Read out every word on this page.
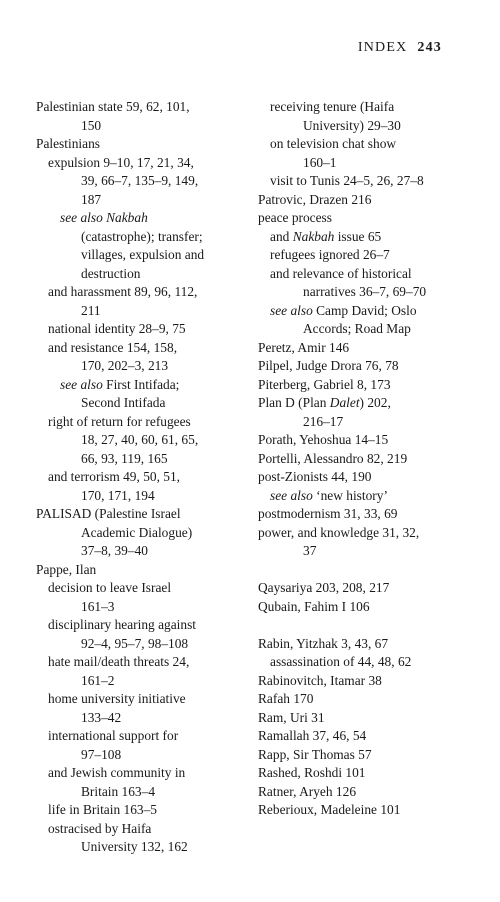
INDEX 243
Palestinian state 59, 62, 101,
150
Palestinians
expulsion 9–10, 17, 21, 34,
39, 66–7, 135–9, 149,
187
see also Nakbah
(catastrophe); transfer;
villages, expulsion and
destruction
and harassment 89, 96, 112,
211
national identity 28–9, 75
and resistance 154, 158,
170, 202–3, 213
see also First Intifada;
Second Intifada
right of return for refugees
18, 27, 40, 60, 61, 65,
66, 93, 119, 165
and terrorism 49, 50, 51,
170, 171, 194
PALISAD (Palestine Israel
Academic Dialogue)
37–8, 39–40
Pappe, Ilan
decision to leave Israel
161–3
disciplinary hearing against
92–4, 95–7, 98–108
hate mail/death threats 24,
161–2
home university initiative
133–42
international support for
97–108
and Jewish community in
Britain 163–4
life in Britain 163–5
ostracised by Haifa
University 132, 162
receiving tenure (Haifa
University) 29–30
on television chat show
160–1
visit to Tunis 24–5, 26, 27–8
Patrovic, Drazen 216
peace process
and Nakbah issue 65
refugees ignored 26–7
and relevance of historical
narratives 36–7, 69–70
see also Camp David; Oslo
Accords; Road Map
Peretz, Amir 146
Pilpel, Judge Drora 76, 78
Piterberg, Gabriel 8, 173
Plan D (Plan Dalet) 202,
216–17
Porath, Yehoshua 14–15
Portelli, Alessandro 82, 219
post-Zionists 44, 190
see also ‘new history’
postmodernism 31, 33, 69
power, and knowledge 31, 32,
37
Qaysariya 203, 208, 217
Qubain, Fahim I 106
Rabin, Yitzhak 3, 43, 67
assassination of 44, 48, 62
Rabinovitch, Itamar 38
Rafah 170
Ram, Uri 31
Ramallah 37, 46, 54
Rapp, Sir Thomas 57
Rashed, Roshdi 101
Ratner, Aryeh 126
Reberioux, Madeleine 101
